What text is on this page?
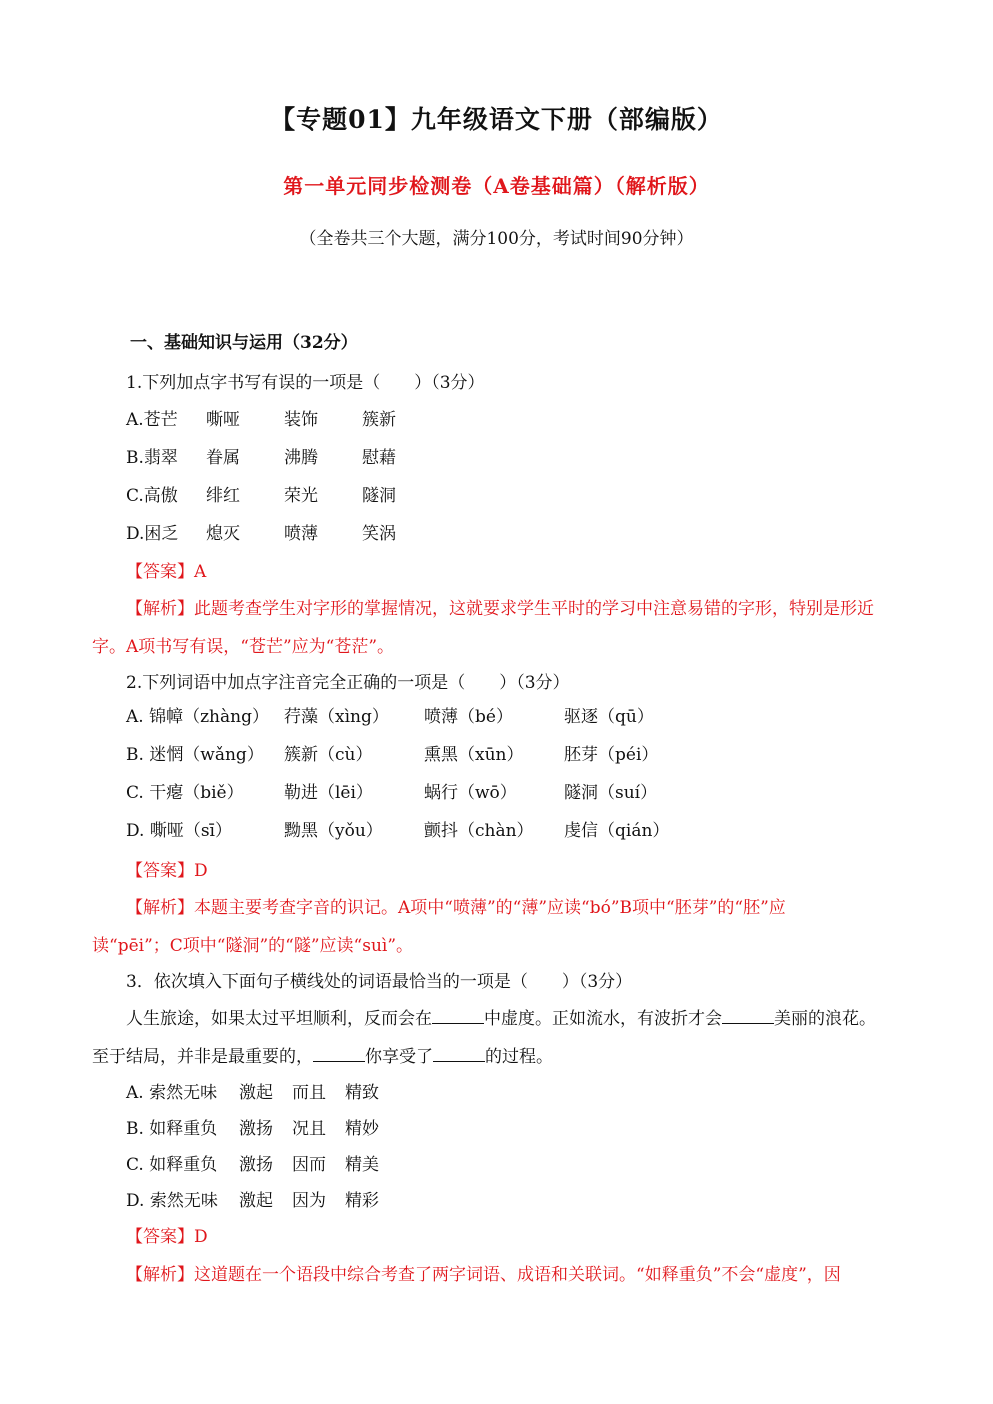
【专题01】九年级语文下册（部编版）
第一单元同步检测卷（A卷基础篇）（解析版）
（全卷共三个大题，满分100分，考试时间90分钟）
一、基础知识与运用（32分）
1.下列加点字书写有误的一项是（　　）（3分）
A.苍芒 嘶哑	装饰	簇新
B.翡翠 眷属	沸腾	慰藉
C.高傲 绯红	荣光	隧洞
D.困乏 熄灭	喷薄	笑涡
【答案】A
【解析】此题考查学生对字形的掌握情况，这就要求学生平时的学习中注意易错的字形，特别是形近
字。A项书写有误，“苍芒”应为“苍茫”。
2.下列词语中加点字注音完全正确的一项是（　　）（3分）
A. 锦幛（zhàng） 荇藻（xìng） 喷薄（bé）	驱逐（qū）
B. 迷惘（wǎng） 簇新（cù）	熏黑（xūn） 胚芽（péi）
C. 干瘪（biě） 勒进（lēi）	蜗行（wō）	隧洞（suí）
D. 嘶哑（sī）	黝黑（yǒu） 颤抖（chàn） 虔信（qián）
【答案】D
【解析】本题主要考查字音的识记。A项中“喷薄”的“薄”应读“bó”B项中“胚芽”的“胚”应
读“pēi”；C项中“隧洞”的“隧”应读“suì”。
3．依次填入下面句子横线处的词语最恰当的一项是（　　）（3分）
人生旅途，如果太过平坦顺利，反而会在	中虚度。正如流水，有波折才会	美丽的浪花。
至于结局，并非是最重要的，	你享受了	的过程。
A. 索然无味 激起 而且 精致
B. 如释重负 激扬 况且 精妙
C. 如释重负 激扬 因而 精美
D. 索然无味 激起 因为 精彩
【答案】D
【解析】这道题在一个语段中综合考查了两字词语、成语和关联词。“如释重负”不会“虚度”，因
